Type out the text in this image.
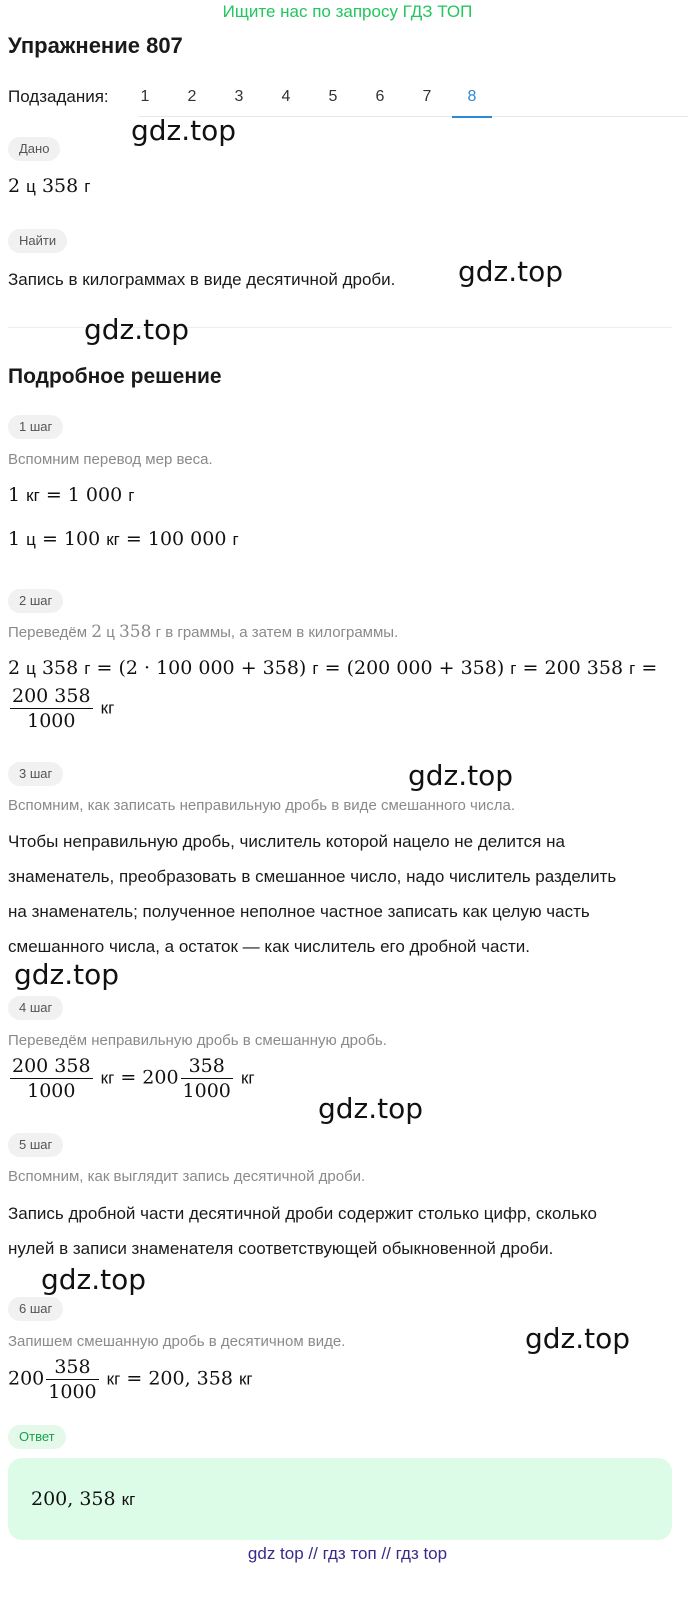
Ищите нас по запросу ГДЗ ТОП
Упражнение 807
Подзадания:	1	2	3	4	5	6	7	8
Дано
2 ц 358 г
Найти
Запись в килограммах в виде десятичной дроби.
Подробное решение
1 шаг
Вспомним перевод мер веса.
1 кг = 1 000 г
1 ц = 100 кг = 100 000 г
2 шаг
Переведём 2 ц 358 г в граммы, а затем в килограммы.
2 ц 358 г = (2 · 100 000 + 358) г = (200 000 + 358) г = 200 358 г =
$\frac{200 358}{1000}$ кг
3 шаг
Вспомним, как записать неправильную дробь в виде смешанного числа.
Чтобы неправильную дробь, числитель которой нацело не делится на
знаменатель, преобразовать в смешанное число, надо числитель разделить
на знаменатель; полученное неполное частное записать как целую часть
смешанного числа, а остаток — как числитель его дробной части.
4 шаг
Переведём неправильную дробь в смешанную дробь.
$\frac{200 358}{1000}$ кг = $200 \frac{358}{1000}$ кг
5 шаг
Вспомним, как выглядит запись десятичной дроби.
Запись дробной части десятичной дроби содержит столько цифр, сколько
нулей в записи знаменателя соответствующей обыкновенной дроби.
6 шаг
Запишем смешанную дробь в десятичном виде.
$200 \frac{358}{1000}$ кг = 200, 358 кг
Ответ
200, 358 кг
gdz.top
gdz.top
gdz.top
gdz.top
gdz.top
gdz.top
gdz.top
gdz.top
gdz top // гдз топ // гдз top
